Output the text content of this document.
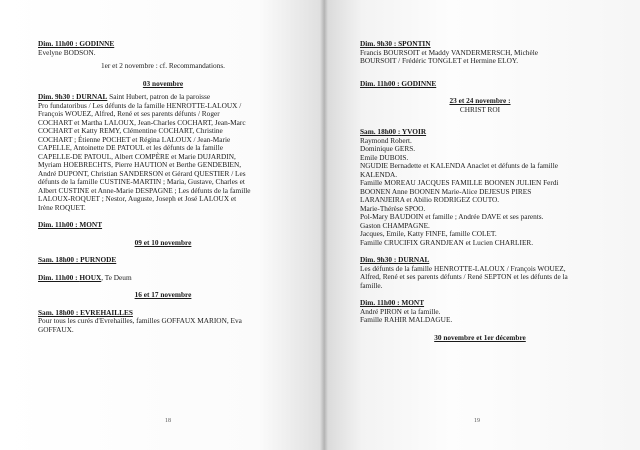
Dim. 11h00 : GODINNE

Evelyne BODSON.

1er et 2 novembre : cf. Recommandations.

03 novembre

Dim. 9h30 : DURNAL Saint Hubert, patron de la paroisse

Pro fundatoribus / Les défunts de la famille HENROTTE-LALOUX /

François WOUEZ, Alfred, René et ses parents défunts / Roger

COCHART et Martha LALOUX, Jean-Charles COCHART, Jean-Marc

COCHART et Katty REMY, Clémentine COCHART, Christine

COCHART ; Étienne POCHET et Régina LALOUX / Jean-Marie

CAPELLE, Antoinette DE PATOUL et les défunts de la famille

CAPELLE-DE PATOUL, Albert COMPÈRE et Marie DUJARDIN,

Myriam HOEBRECHTS, Pierre HAUTION et Berthe GENDEBIEN,

André DUPONT, Christian SANDERSON et Gérard QUESTIER / Les

défunts de la famille CUSTINE-MARTIN ; Maria, Gustave, Charles et

Albert CUSTINE et Anne-Marie DESPAGNE ; Les défunts de la famille

LALOUX-ROQUET ; Nestor, Auguste, Joseph et José LALOUX et

Irène ROQUET.

Dim. 11h00 : MONT

09 et 10 novembre

Sam. 18h00 : PURNODE

Dim. 11h00 : HOUX, Te Deum

16 et 17 novembre

Sam. 18h00 : EVREHAILLES

Pour tous les curés d'Evrehailles, familles GOFFAUX MARION, Eva

GOFFAUX.

18

Dim. 9h30 : SPONTIN

Francis BOURSOIT et Maddy VANDERMERSCH, Michèle

BOURSOIT / Frédéric TONGLET et Hermine ELOY.

Dim. 11h00 : GODINNE

23 et 24 novembre :

CHRIST ROI

Sam. 18h00 : YVOIR

Raymond Robert.

Dominique GERS.

Emile DUBOIS.

NGUDIE Bernadette et KALENDA Anaclet et défunts de la famille

KALENDA.

Famille MOREAU JACQUES FAMILLE BOONEN JULIEN Ferdi

BOONEN Anne BOONEN Marie-Alice DEJESUS PIRES

LARANJEIRA et Abilio RODRIGEZ COUTO.

Marie-Thérèse SPOO.

Pol-Mary BAUDOIN et famille ; Andrée DAVE et ses parents.

Gaston CHAMPAGNE.

Jacques, Emile, Katty FINFE, famille COLET.

Famille CRUCIFIX GRANDJEAN et Lucien CHARLIER.

Dim. 9h30 : DURNAL

Les défunts de la famille HENROTTE-LALOUX / François WOUEZ,

Alfred, René et ses parents défunts / René SEPTON et les défunts de la

famille.

Dim. 11h00 : MONT

André PIRON et la famille.

Famille RAHIR MALDAGUE.

30 novembre et 1er décembre

19
